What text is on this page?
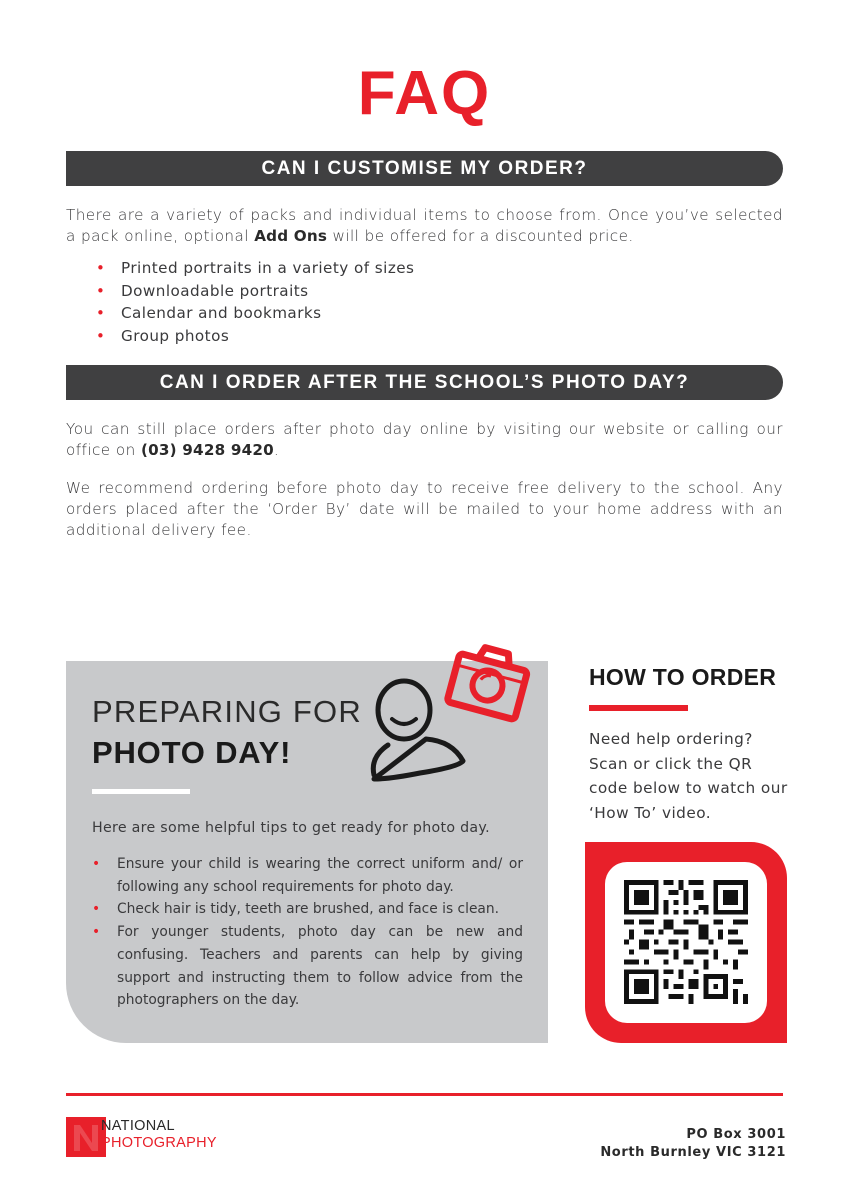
FAQ
CAN I CUSTOMISE MY ORDER?

There are a variety of packs and individual items to choose from. Once you’ve selected a pack online, optional Add Ons will be offered for a discounted price.

• Printed portraits in a variety of sizes
• Downloadable portraits
• Calendar and bookmarks
• Group photos
CAN I ORDER AFTER THE SCHOOL’S PHOTO DAY?

You can still place orders after photo day online by visiting our website or calling our office on (03) 9428 9420.

We recommend ordering before photo day to receive free delivery to the school. Any orders placed after the ‘Order By’ date will be mailed to your home address with an additional delivery fee.

PREPARING FOR
PHOTO DAY!
Here are some helpful tips to get ready for photo day.
• Ensure your child is wearing the correct uniform and/ or following any school requirements for photo day.
• Check hair is tidy, teeth are brushed, and face is clean.
• For younger students, photo day can be new and confusing. Teachers and parents can help by giving support and instructing them to follow advice from the photographers on the day.
HOW TO ORDER
Need help ordering? Scan or click the QR code below to watch our ‘How To’ video.
NATIONAL
PHOTOGRAPHY	PO Box 3001
North Burnley VIC 3121
